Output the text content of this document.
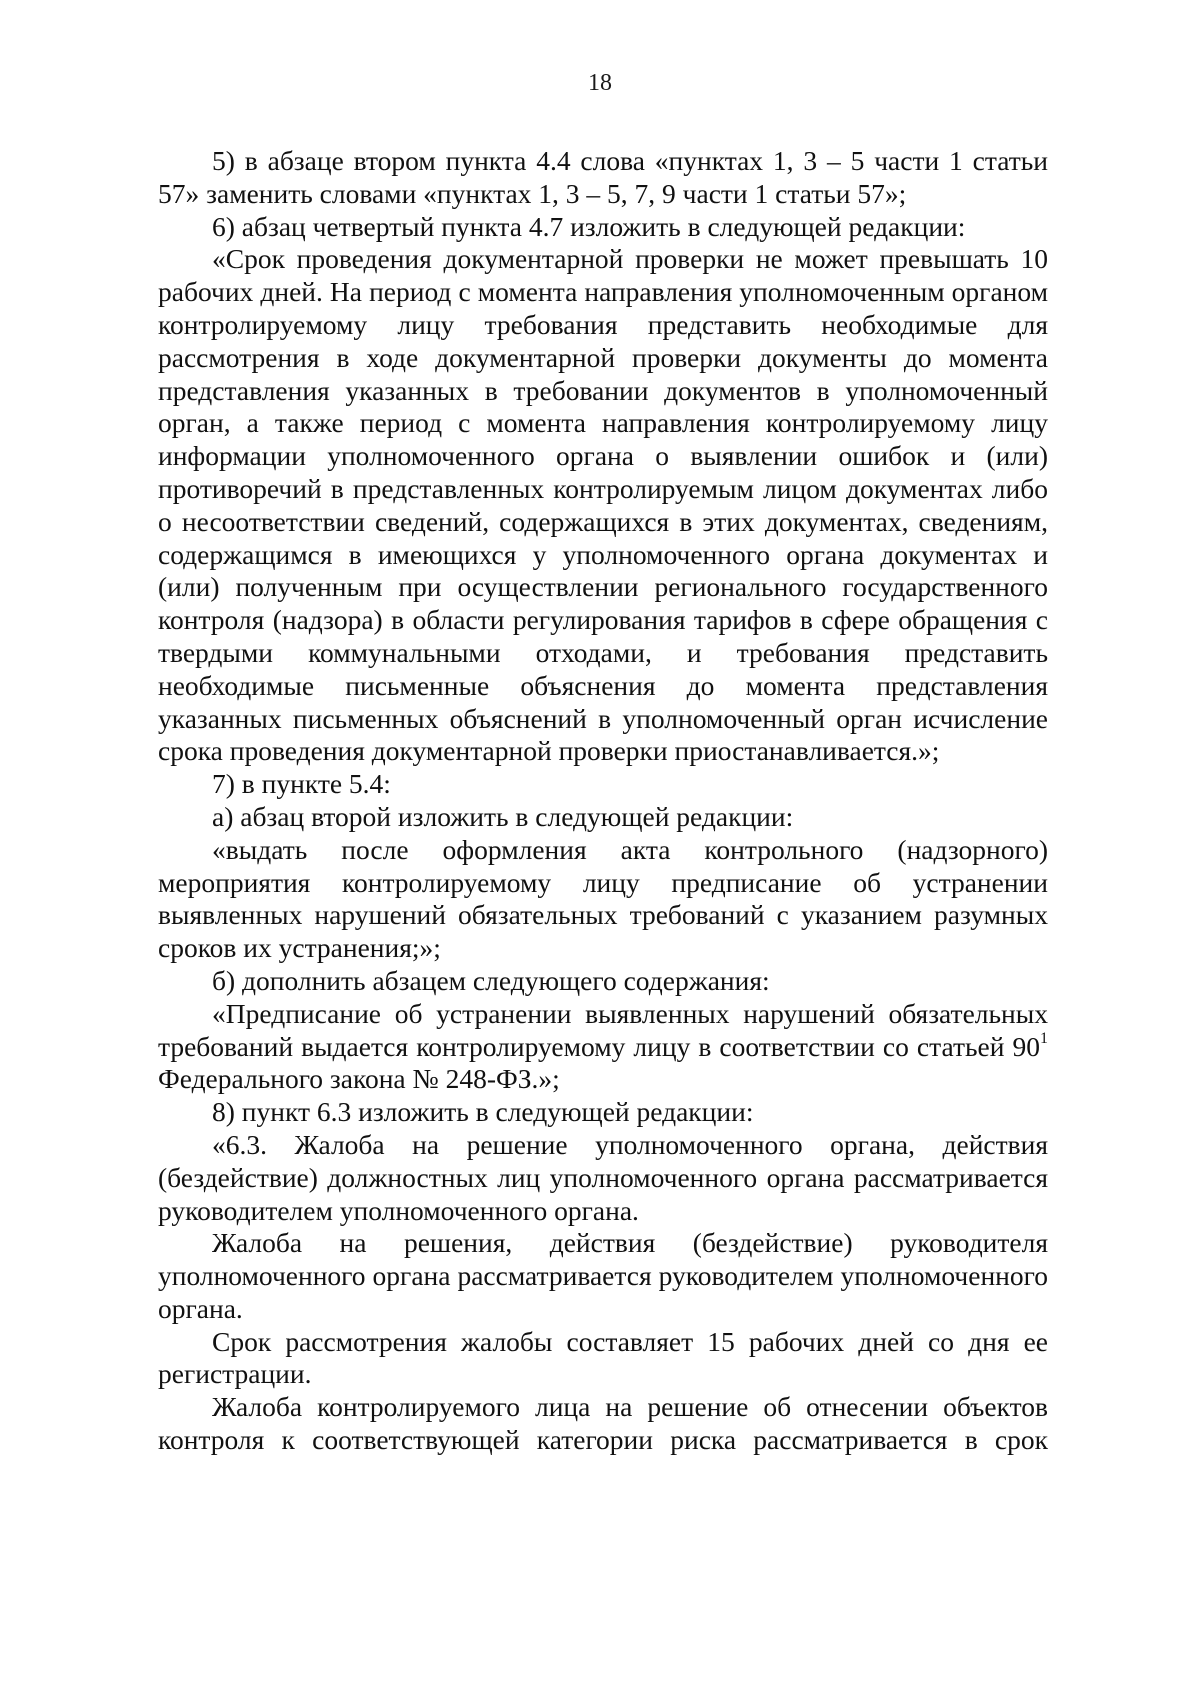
18

5) в абзаце втором пункта 4.4 слова «пунктах 1, 3 – 5 части 1 статьи 57» заменить словами «пунктах 1, 3 – 5, 7, 9 части 1 статьи 57»;

6) абзац четвертый пункта 4.7 изложить в следующей редакции:

«Срок проведения документарной проверки не может превышать 10 рабочих дней. На период с момента направления уполномоченным органом контролируемому лицу требования представить необходимые для рассмотрения в ходе документарной проверки документы до момента представления указанных в требовании документов в уполномоченный орган, а также период с момента направления контролируемому лицу информации уполномоченного органа о выявлении ошибок и (или) противоречий в представленных контролируемым лицом документах либо о несоответствии сведений, содержащихся в этих документах, сведениям, содержащимся в имеющихся у уполномоченного органа документах и (или) полученным при осуществлении регионального государственного контроля (надзора) в области регулирования тарифов в сфере обращения с твердыми коммунальными отходами, и требования представить необходимые письменные объяснения до момента представления указанных письменных объяснений в уполномоченный орган исчисление срока проведения документарной проверки приостанавливается.»;

7) в пункте 5.4:

а) абзац второй изложить в следующей редакции:

«выдать после оформления акта контрольного (надзорного) мероприятия контролируемому лицу предписание об устранении выявленных нарушений обязательных требований с указанием разумных сроков их устранения;»;

б) дополнить абзацем следующего содержания:

«Предписание об устранении выявленных нарушений обязательных требований выдается контролируемому лицу в соответствии со статьей $90^1$ Федерального закона № 248-ФЗ.»;

8) пункт 6.3 изложить в следующей редакции:

«6.3. Жалоба на решение уполномоченного органа, действия (бездействие) должностных лиц уполномоченного органа рассматривается руководителем уполномоченного органа.

Жалоба на решения, действия (бездействие) руководителя уполномоченного органа рассматривается руководителем уполномоченного органа.

Срок рассмотрения жалобы составляет 15 рабочих дней со дня ее регистрации.

Жалоба контролируемого лица на решение об отнесении объектов контроля к соответствующей категории риска рассматривается в срок
